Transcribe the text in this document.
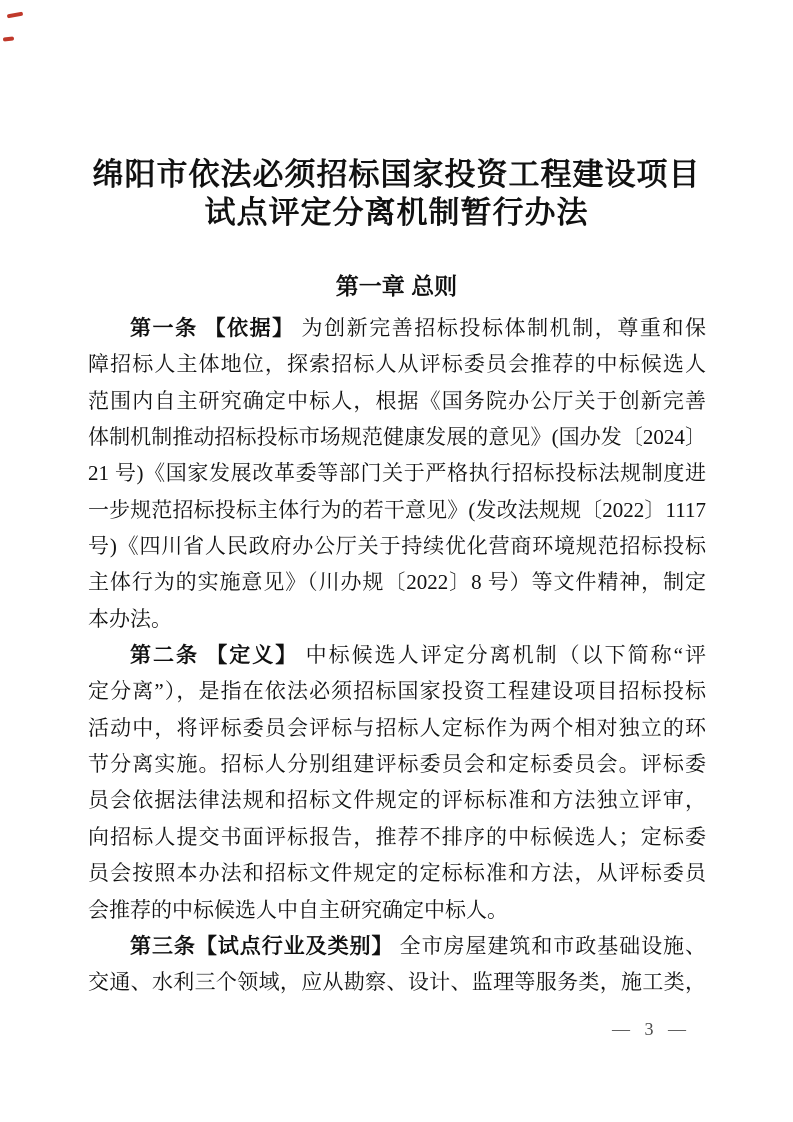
绵阳市依法必须招标国家投资工程建设项目
试点评定分离机制暂行办法
第一章 总则
第一条 【依据】 为创新完善招标投标体制机制，尊重和保
障招标人主体地位，探索招标人从评标委员会推荐的中标候选人
范围内自主研究确定中标人，根据《国务院办公厅关于创新完善
体制机制推动招标投标市场规范健康发展的意见》(国办发〔2024〕
21 号)《国家发展改革委等部门关于严格执行招标投标法规制度进
一步规范招标投标主体行为的若干意见》(发改法规规〔2022〕1117
号)《四川省人民政府办公厅关于持续优化营商环境规范招标投标
主体行为的实施意见》（川办规〔2022〕8 号）等文件精神，制定
本办法。
第二条 【定义】 中标候选人评定分离机制（以下简称“评
定分离”），是指在依法必须招标国家投资工程建设项目招标投标
活动中，将评标委员会评标与招标人定标作为两个相对独立的环
节分离实施。招标人分别组建评标委员会和定标委员会。评标委
员会依据法律法规和招标文件规定的评标标准和方法独立评审，
向招标人提交书面评标报告，推荐不排序的中标候选人；定标委
员会按照本办法和招标文件规定的定标标准和方法，从评标委员
会推荐的中标候选人中自主研究确定中标人。
第三条【试点行业及类别】 全市房屋建筑和市政基础设施、
交通、水利三个领域，应从勘察、设计、监理等服务类，施工类，
— 3 —
